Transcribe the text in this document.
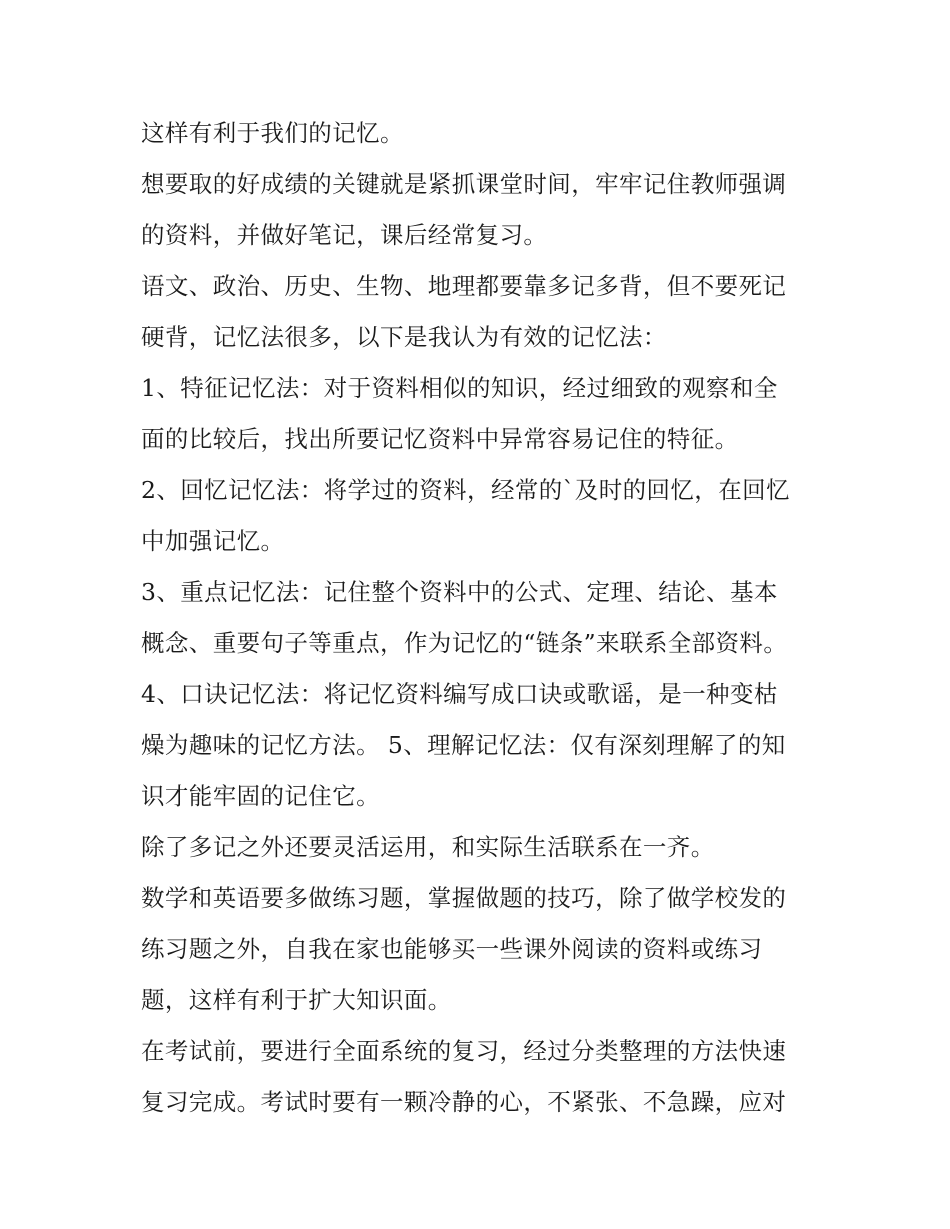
这样有利于我们的记忆。
想要取的好成绩的关键就是紧抓课堂时间，牢牢记住教师强调
的资料，并做好笔记，课后经常复习。
语文、政治、历史、生物、地理都要靠多记多背，但不要死记
硬背，记忆法很多，以下是我认为有效的记忆法：
1、特征记忆法：对于资料相似的知识，经过细致的观察和全
面的比较后，找出所要记忆资料中异常容易记住的特征。
2、回忆记忆法：将学过的资料，经常的`及时的回忆，在回忆
中加强记忆。
3、重点记忆法：记住整个资料中的公式、定理、结论、基本
概念、重要句子等重点，作为记忆的“链条”来联系全部资料。
4、口诀记忆法：将记忆资料编写成口诀或歌谣，是一种变枯
燥为趣味的记忆方法。 5、理解记忆法：仅有深刻理解了的知
识才能牢固的记住它。
除了多记之外还要灵活运用，和实际生活联系在一齐。
数学和英语要多做练习题，掌握做题的技巧，除了做学校发的
练习题之外，自我在家也能够买一些课外阅读的资料或练习
题，这样有利于扩大知识面。
在考试前，要进行全面系统的复习，经过分类整理的方法快速
复习完成。考试时要有一颗冷静的心，不紧张、不急躁，应对
